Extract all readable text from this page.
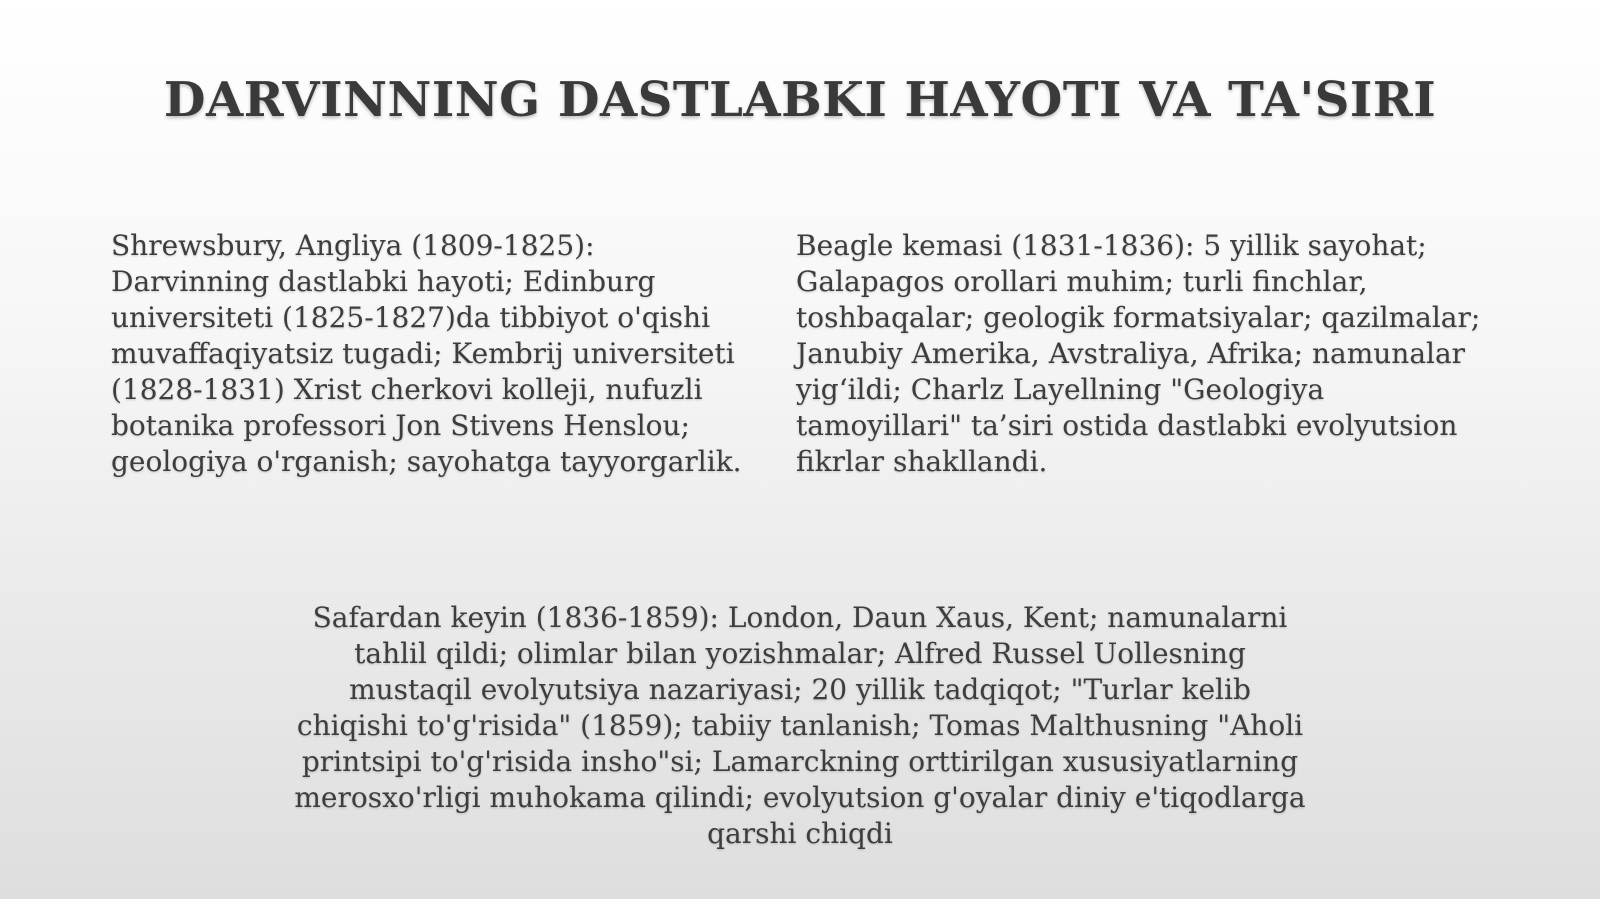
DARVINNING DASTLABKI HAYOTI VA TA'SIRI
Shrewsbury, Angliya (1809-1825):
Darvinning dastlabki hayoti; Edinburg
universiteti (1825-1827)da tibbiyot o'qishi
muvaffaqiyatsiz tugadi; Kembrij universiteti
(1828-1831) Xrist cherkovi kolleji, nufuzli
botanika professori Jon Stivens Henslou;
geologiya o'rganish; sayohatga tayyorgarlik.
Beagle kemasi (1831-1836): 5 yillik sayohat;
Galapagos orollari muhim; turli finchlar,
toshbaqalar; geologik formatsiyalar; qazilmalar;
Janubiy Amerika, Avstraliya, Afrika; namunalar
yig‘ildi; Charlz Layellning "Geologiya
tamoyillari" ta’siri ostida dastlabki evolyutsion
fikrlar shakllandi.
Safardan keyin (1836-1859): London, Daun Xaus, Kent; namunalarni
tahlil qildi; olimlar bilan yozishmalar; Alfred Russel Uollesning
mustaqil evolyutsiya nazariyasi; 20 yillik tadqiqot; "Turlar kelib
chiqishi to'g'risida" (1859); tabiiy tanlanish; Tomas Malthusning "Aholi
printsipi to'g'risida insho"si; Lamarckning orttirilgan xususiyatlarning
merosxo'rligi muhokama qilindi; evolyutsion g'oyalar diniy e'tiqodlarga
qarshi chiqdi
